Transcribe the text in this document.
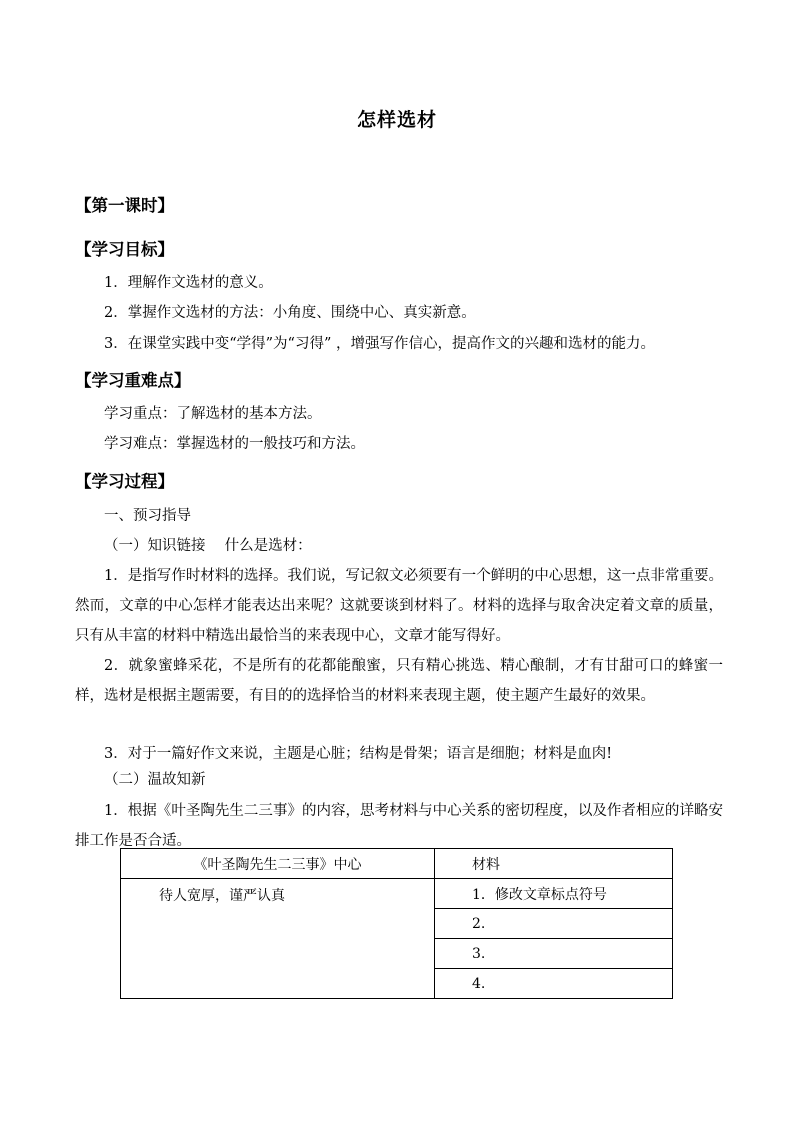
怎样选材
【第一课时】
【学习目标】
1．理解作文选材的意义。
2．掌握作文选材的方法：小角度、围绕中心、真实新意。
3．在课堂实践中变“学得”为“习得” ，增强写作信心，提高作文的兴趣和选材的能力。
【学习重难点】
学习重点：了解选材的基本方法。
学习难点：掌握选材的一般技巧和方法。
【学习过程】
一、预习指导
（一）知识链接　 什么是选材：
1．是指写作时材料的选择。我们说，写记叙文必须要有一个鲜明的中心思想，这一点非常重要。然而，文章的中心怎样才能表达出来呢？这就要谈到材料了。材料的选择与取舍决定着文章的质量，只有从丰富的材料中精选出最恰当的来表现中心，文章才能写得好。
2．就象蜜蜂采花，不是所有的花都能酿蜜，只有精心挑选、精心酿制，才有甘甜可口的蜂蜜一样，选材是根据主题需要，有目的的选择恰当的材料来表现主题，使主题产生最好的效果。
3．对于一篇好作文来说，主题是心脏；结构是骨架；语言是细胞；材料是血肉!
（二）温故知新
1．根据《叶圣陶先生二三事》的内容，思考材料与中心关系的密切程度，以及作者相应的详略安排工作是否合适。
《叶圣陶先生二三事》中心	材料
待人宽厚，谨严认真	1．修改文章标点符号
	2.
	3.
	4.
